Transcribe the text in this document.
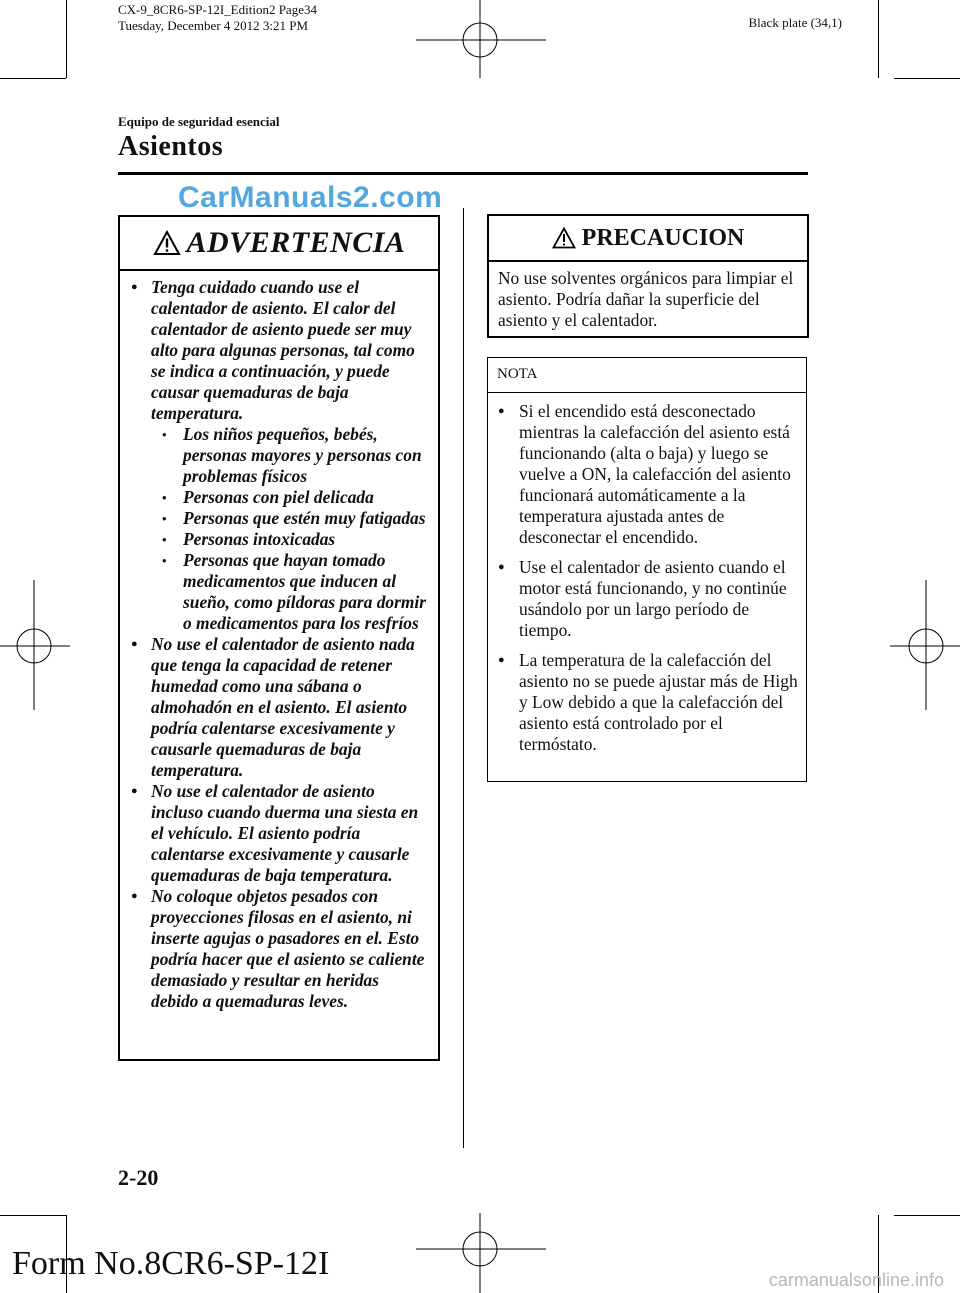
CX-9_8CR6-SP-12I_Edition2 Page34
Tuesday, December 4 2012 3:21 PM	Black plate (34,1)
Equipo de seguridad esencial
Asientos
CarManuals2.com
ADVERTENCIA
● Tenga cuidado cuando use el calentador de asiento. El calor del calentador de asiento puede ser muy alto para algunas personas, tal como se indica a continuación, y puede causar quemaduras de baja temperatura.
• Los niños pequeños, bebés, personas mayores y personas con problemas físicos
• Personas con piel delicada
• Personas que estén muy fatigadas
• Personas intoxicadas
• Personas que hayan tomado medicamentos que inducen al sueño, como píldoras para dormir o medicamentos para los resfríos
● No use el calentador de asiento nada que tenga la capacidad de retener humedad como una sábana o almohadón en el asiento. El asiento podría calentarse excesivamente y causarle quemaduras de baja temperatura.
● No use el calentador de asiento incluso cuando duerma una siesta en el vehículo. El asiento podría calentarse excesivamente y causarle quemaduras de baja temperatura.
● No coloque objetos pesados con proyecciones filosas en el asiento, ni inserte agujas o pasadores en el. Esto podría hacer que el asiento se caliente demasiado y resultar en heridas debido a quemaduras leves.
PRECAUCION
No use solventes orgánicos para limpiar el asiento. Podría dañar la superficie del asiento y el calentador.
NOTA
● Si el encendido está desconectado mientras la calefacción del asiento está funcionando (alta o baja) y luego se vuelve a ON, la calefacción del asiento funcionará automáticamente a la temperatura ajustada antes de desconectar el encendido.
● Use el calentador de asiento cuando el motor está funcionando, y no continúe usándolo por un largo período de tiempo.
● La temperatura de la calefacción del asiento no se puede ajustar más de High y Low debido a que la calefacción del asiento está controlado por el termóstato.
2-20
Form No.8CR6-SP-12I	carmanualsonline.info
